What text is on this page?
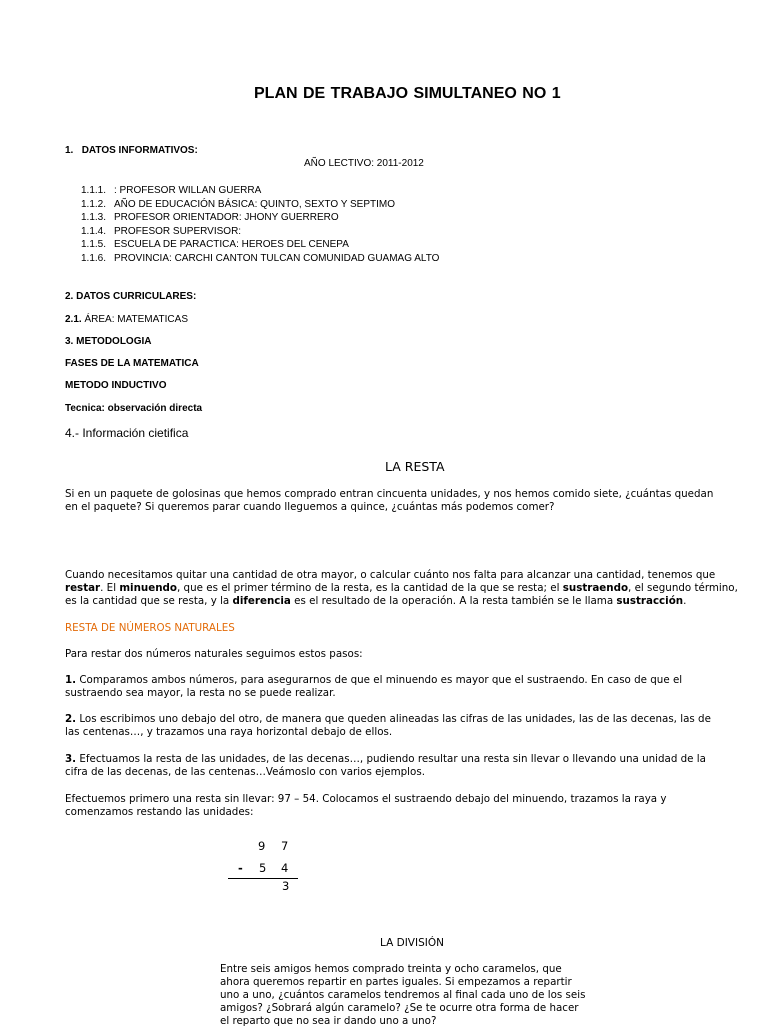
PLAN DE TRABAJO SIMULTANEO NO 1
1. DATOS INFORMATIVOS:
AÑO LECTIVO: 2011-2012
1.1.1. : PROFESOR WILLAN GUERRA
1.1.2. AÑO DE EDUCACIÓN BÁSICA: QUINTO, SEXTO Y SEPTIMO
1.1.3. PROFESOR ORIENTADOR: JHONY GUERRERO
1.1.4. PROFESOR SUPERVISOR:
1.1.5. ESCUELA DE PARACTICA: HEROES DEL CENEPA
1.1.6. PROVINCIA: CARCHI CANTON TULCAN COMUNIDAD GUAMAG ALTO
2. DATOS CURRICULARES:
2.1. ÁREA: MATEMATICAS
3. METODOLOGIA
FASES DE LA MATEMATICA
METODO INDUCTIVO
Tecnica: observación directa
4.- Información cietifica
LA RESTA
Si en un paquete de golosinas que hemos comprado entran cincuenta unidades, y nos hemos comido siete, ¿cuántas quedan
en el paquete? Si queremos parar cuando lleguemos a quince, ¿cuántas más podemos comer?
Cuando necesitamos quitar una cantidad de otra mayor, o calcular cuánto nos falta para alcanzar una cantidad, tenemos que
restar. El minuendo, que es el primer término de la resta, es la cantidad de la que se resta; el sustraendo, el segundo término,
es la cantidad que se resta, y la diferencia es el resultado de la operación. A la resta también se le llama sustracción.
RESTA DE NÚMEROS NATURALES
Para restar dos números naturales seguimos estos pasos:
1. Comparamos ambos números, para asegurarnos de que el minuendo es mayor que el sustraendo. En caso de que el
sustraendo sea mayor, la resta no se puede realizar.
2. Los escribimos uno debajo del otro, de manera que queden alineadas las cifras de las unidades, las de las decenas, las de
las centenas…, y trazamos una raya horizontal debajo de ellos.
3. Efectuamos la resta de las unidades, de las decenas…, pudiendo resultar una resta sin llevar o llevando una unidad de la
cifra de las decenas, de las centenas…Veámoslo con varios ejemplos.
Efectuemos primero una resta sin llevar: 97 – 54. Colocamos el sustraendo debajo del minuendo, trazamos la raya y
comenzamos restando las unidades:
9 7
- 5 4
3
LA DIVISIÓN
Entre seis amigos hemos comprado treinta y ocho caramelos, que
ahora queremos repartir en partes iguales. Si empezamos a repartir
uno a uno, ¿cuántos caramelos tendremos al final cada uno de los seis
amigos? ¿Sobrará algún caramelo? ¿Se te ocurre otra forma de hacer
el reparto que no sea ir dando uno a uno?
